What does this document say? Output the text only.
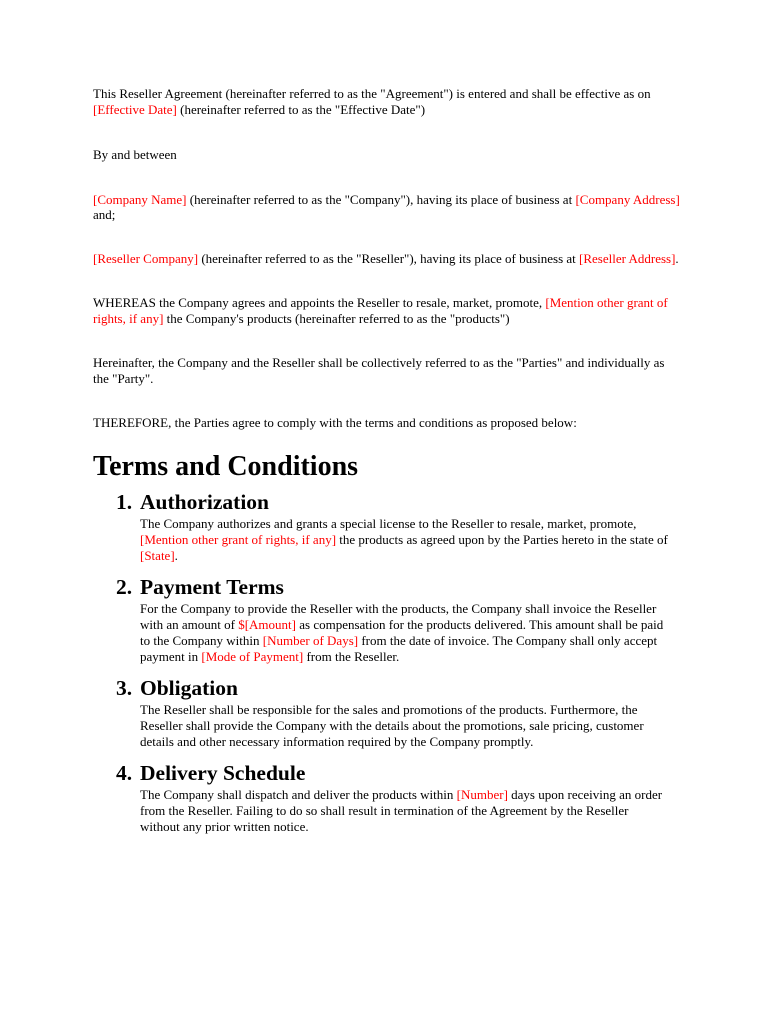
This Reseller Agreement (hereinafter referred to as the "Agreement") is entered and shall be effective as on [Effective Date] (hereinafter referred to as the "Effective Date")

By and between

[Company Name] (hereinafter referred to as the "Company"), having its place of business at [Company Address] and;

[Reseller Company] (hereinafter referred to as the "Reseller"), having its place of business at [Reseller Address].

WHEREAS the Company agrees and appoints the Reseller to resale, market, promote, [Mention other grant of rights, if any] the Company's products (hereinafter referred to as the "products")

Hereinafter, the Company and the Reseller shall be collectively referred to as the "Parties" and individually as the "Party".

THEREFORE, the Parties agree to comply with the terms and conditions as proposed below:

Terms and Conditions
1. Authorization

The Company authorizes and grants a special license to the Reseller to resale, market, promote, [Mention other grant of rights, if any] the products as agreed upon by the Parties hereto in the state of [State].

2. Payment Terms

For the Company to provide the Reseller with the products, the Company shall invoice the Reseller with an amount of $[Amount] as compensation for the products delivered. This amount shall be paid to the Company within [Number of Days] from the date of invoice. The Company shall only accept payment in [Mode of Payment] from the Reseller.

3. Obligation

The Reseller shall be responsible for the sales and promotions of the products. Furthermore, the Reseller shall provide the Company with the details about the promotions, sale pricing, customer details and other necessary information required by the Company promptly.

4. Delivery Schedule

The Company shall dispatch and deliver the products within [Number] days upon receiving an order from the Reseller. Failing to do so shall result in termination of the Agreement by the Reseller without any prior written notice.
